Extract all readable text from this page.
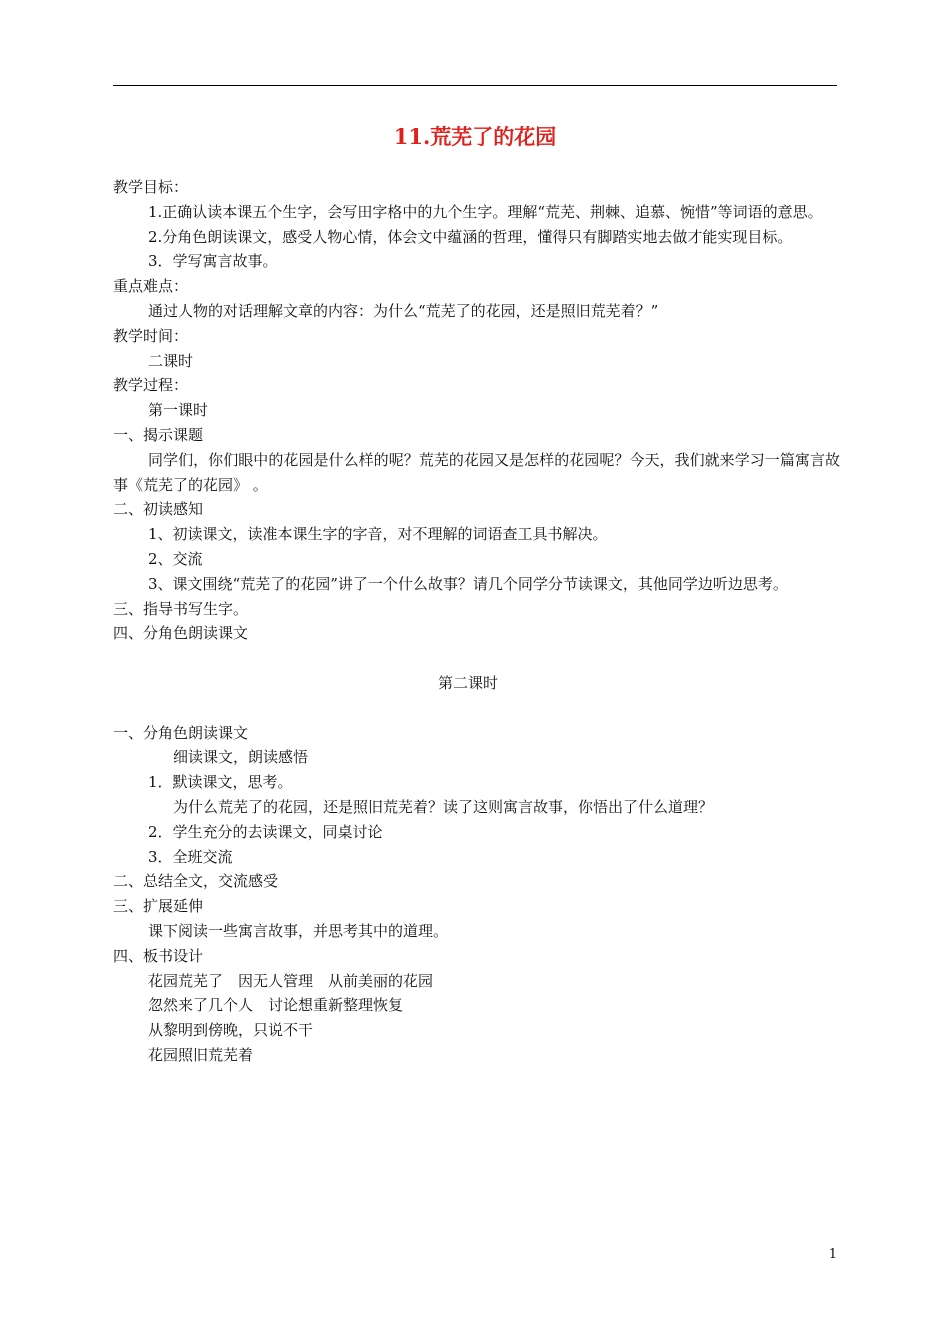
11.荒芜了的花园

教学目标：

1.正确认读本课五个生字，会写田字格中的九个生字。理解“荒芜、荆棘、追慕、惋惜”等词语的意思。

2.分角色朗读课文，感受人物心情，体会文中蕴涵的哲理，懂得只有脚踏实地去做才能实现目标。

3．学写寓言故事。

重点难点：

通过人物的对话理解文章的内容：为什么“荒芜了的花园，还是照旧荒芜着？”

教学时间：

二课时

教学过程：

第一课时

一、揭示课题

同学们，你们眼中的花园是什么样的呢？荒芜的花园又是怎样的花园呢？今天，我们就来学习一篇寓言故事《荒芜了的花园》 。

二、初读感知

1、初读课文，读准本课生字的字音，对不理解的词语查工具书解决。

2、交流

3、课文围绕“荒芜了的花园”讲了一个什么故事？请几个同学分节读课文，其他同学边听边思考。

三、指导书写生字。

四、分角色朗读课文

第二课时

一、分角色朗读课文

细读课文，朗读感悟

1．默读课文，思考。

为什么荒芜了的花园，还是照旧荒芜着？读了这则寓言故事，你悟出了什么道理？

2．学生充分的去读课文，同桌讨论

3．全班交流

二、总结全文，交流感受

三、扩展延伸

课下阅读一些寓言故事，并思考其中的道理。

四、板书设计

花园荒芜了　因无人管理　从前美丽的花园

忽然来了几个人　讨论想重新整理恢复

从黎明到傍晚，只说不干

花园照旧荒芜着

1
